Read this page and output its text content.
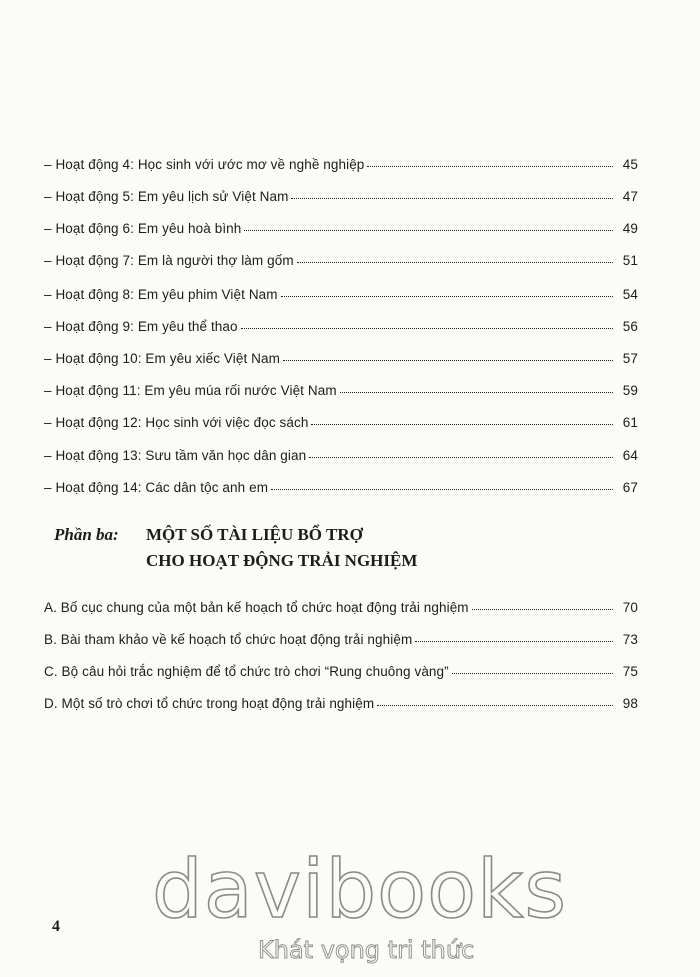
– Hoạt động 4: Học sinh với ước mơ về nghề nghiệp	45
– Hoạt động 5: Em yêu lịch sử Việt Nam	47
– Hoạt động 6: Em yêu hoà bình	49
– Hoạt động 7: Em là người thợ làm gốm	51
– Hoạt động 8: Em yêu phim Việt Nam	54
– Hoạt động 9: Em yêu thể thao	56
– Hoạt động 10: Em yêu xiếc Việt Nam	57
– Hoạt động 11: Em yêu múa rối nước Việt Nam	59
– Hoạt động 12: Học sinh với việc đọc sách	61
– Hoạt động 13: Sưu tầm văn học dân gian	64
– Hoạt động 14: Các dân tộc anh em	67
Phần ba: MỘT SỐ TÀI LIỆU BỔ TRỢ
CHO HOẠT ĐỘNG TRẢI NGHIỆM
A. Bố cục chung của một bản kế hoạch tổ chức hoạt động trải nghiệm	70
B. Bài tham khảo về kế hoạch tổ chức hoạt động trải nghiệm	73
C. Bộ câu hỏi trắc nghiệm để tổ chức trò chơi “Rung chuông vàng”	75
D. Một số trò chơi tổ chức trong hoạt động trải nghiệm	98
4 davibooks
Khát vọng tri thức
